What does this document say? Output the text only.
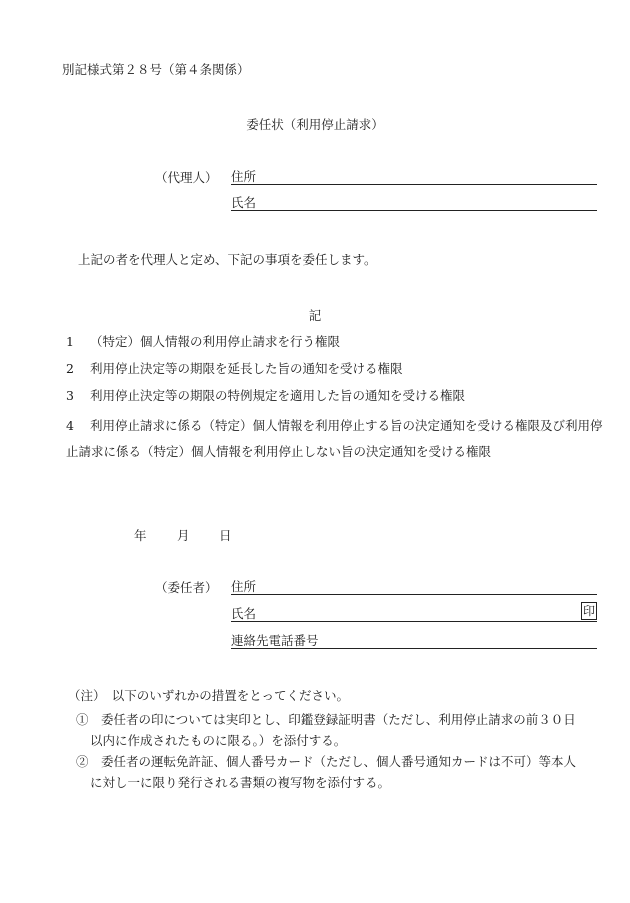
別記様式第２８号（第４条関係）
委任状（利用停止請求）
（代理人） 住所
氏名
上記の者を代理人と定め、下記の事項を委任します。
記
1 （特定）個人情報の利用停止請求を行う権限
2 利用停止決定等の期限を延長した旨の通知を受ける権限
3 利用停止決定等の期限の特例規定を適用した旨の通知を受ける権限
4 利用停止請求に係る（特定）個人情報を利用停止する旨の決定通知を受ける権限及び利用停止請求に係る（特定）個人情報を利用停止しない旨の決定通知を受ける権限
年 月 日
（委任者） 住所
氏名	印
連絡先電話番号
（注）　以下のいずれかの措置をとってください。
①　委任者の印については実印とし、印鑑登録証明書（ただし、利用停止請求の前３０日
以内に作成されたものに限る。）を添付する。
②　委任者の運転免許証、個人番号カード（ただし、個人番号通知カードは不可）等本人
に対し一に限り発行される書類の複写物を添付する。
